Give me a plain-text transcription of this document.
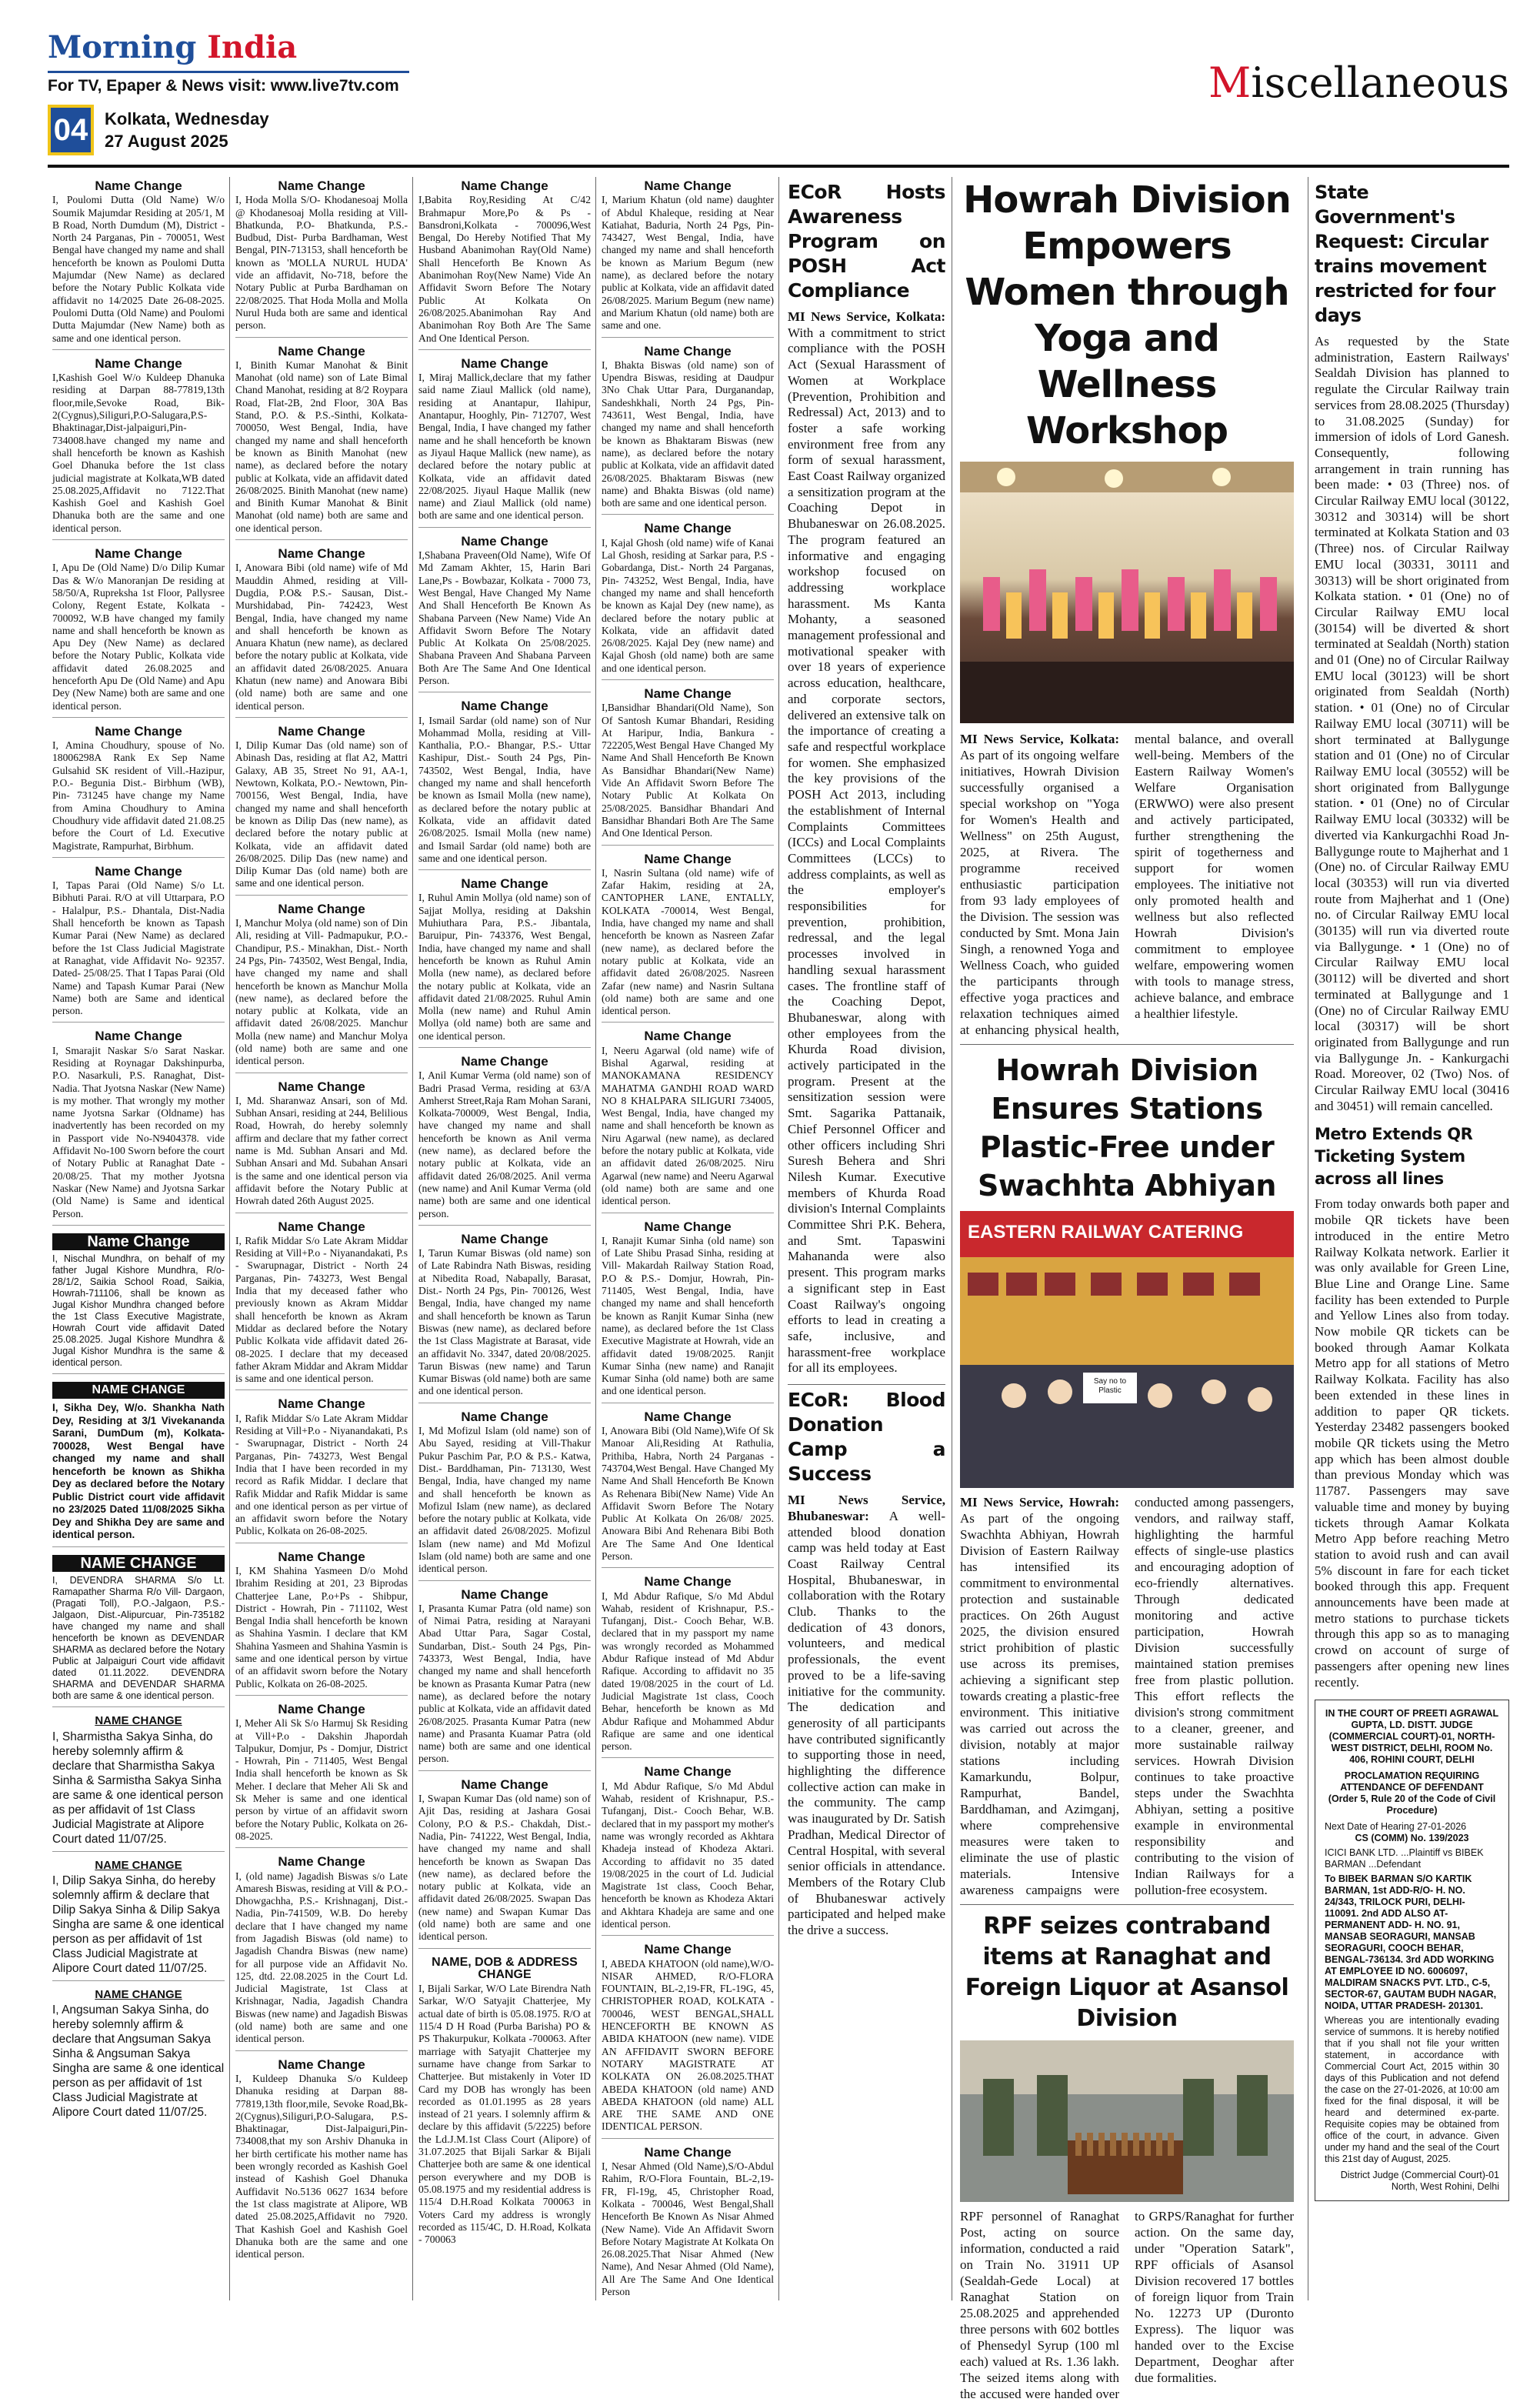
Morning India
For TV, Epaper & News visit: www.live7tv.com
04 Kolkata, Wednesday
27 August 2025
Miscellaneous
Name Change
I, Poulomi Dutta (Old Name) W/o Soumik Majumdar Residing at 205/1, M B Road, North Dumdum (M), District - North 24 Parganas, Pin - 700051, West Bengal have changed my name and shall henceforth be known as Poulomi Dutta Majumdar (New Name) as declared before the Notary Public Kolkata vide affidavit no 14/2025 Date 26-08-2025. Poulomi Dutta (Old Name) and Poulomi Dutta Majumdar (New Name) both as same and one identical person.
Name Change
I,Kashish Goel W/o Kuldeep Dhanuka residing at Darpan 88-77819,13th floor,mile,Sevoke Road, Bik-2(Cygnus),Siliguri,P.O-Salugara,P.S-Bhaktinagar,Dist-jalpaiguri,Pin-734008.have changed my name and shall henceforth be known as Kashish Goel Dhanuka before the 1st class judicial magistrate at Kolkata,WB dated 25.08.2025,Affidavit no 7122.That Kashish Goel and Kashish Goel Dhanuka both are the same and one identical person.
Name Change
I, Apu De (Old Name) D/o Dilip Kumar Das & W/o Manoranjan De residing at 58/50/A, Rupreksha 1st Floor, Pallysree Colony, Regent Estate, Kolkata - 700092, W.B have changed my family name and shall henceforth be known as Apu Dey (New Name) as declared before the Notary Public, Kolkata vide affidavit dated 26.08.2025 and henceforth Apu De (Old Name) and Apu Dey (New Name) both are same and one identical person.
Name Change
I, Amina Choudhury, spouse of No. 18006298A Rank Ex Sep Name Gulsahid SK resident of Vill.-Hazipur, P.O.- Begunia Dist.- Birbhum (WB), Pin- 731245 have change my Name from Amina Choudhury to Amina Choudhury vide affidavit dated 21.08.25 before the Court of Ld. Executive Magistrate, Rampurhat, Birbhum.
Name Change
I, Tapas Parai (Old Name) S/o Lt. Bibhuti Parai. R/O at vill Uttarpara, P.O - Halalpur, P.S.- Dhantala, Dist-Nadia Shall henceforth be known as Tapash Kumar Parai (New Name) as declared before the 1st Class Judicial Magistrate at Ranaghat, vide Affidavit No- 92357. Dated- 25/08/25. That I Tapas Parai (Old Name) and Tapash Kumar Parai (New Name) both are Same and identical person.
Name Change
I, Smarajit Naskar S/o Sarat Naskar. Residing at Roynagar Dakshinpurba, P.O. Nasarkuli, P.S. Ranaghat, Dist- Nadia. That Jyotsna Naskar (New Name) is my mother. That wrongly my mother name Jyotsna Sarkar (Oldname) has inadvertently has been recorded on my in Passport vide No-N9404378. vide Affidavit No-100 Sworn before the court of Notary Public at Ranaghat Date - 20/08/25. That my mother Jyotsna Naskar (New Name) and Jyotsna Sarkar (Old Name) is Same and identical Person.
Name Change
I, Nischal Mundhra, on behalf of my father Jugal Kishore Mundhra, R/o- 28/1/2, Saikia School Road, Saikia, Howrah-711106, shall be known as Jugal Kishor Mundhra changed before the 1st Class Executive Magistrate, Howrah Court vide affidavit Dated 25.08.2025. Jugal Kishore Mundhra & Jugal Kishor Mundhra is the same & identical person.
NAME CHANGE
I, Sikha Dey, W/o. Shankha Nath Dey, Residing at 3/1 Vivekananda Sarani, DumDum (m), Kolkata- 700028, West Bengal have changed my name and shall henceforth be known as Shikha Dey as declared before the Notary Public District court vide affidavit no 23/2025 Dated 11/08/2025 Sikha Dey and Shikha Dey are same and identical person.
NAME CHANGE
I, DEVENDRA SHARMA S/o Lt. Ramapather Sharma R/o Vill- Dargaon, (Pragati Toll), P.O.-Jalgaon, P.S.-Jalgaon, Dist.-Alipurcuar, Pin-735182 have changed my name and shall henceforth be known as DEVENDAR SHARMA as declared before the Notary Public at Jalpaiguri Court vide affidavit dated 01.11.2022. DEVENDRA SHARMA and DEVENDAR SHARMA both are same & one identical person.
NAME CHANGE
I, Sharmistha Sakya Sinha, do hereby solemnly affirm & declare that Sharmistha Sakya Sinha & Sarmistha Sakya Sinha are same & one identical person as per affidavit of 1st Class Judicial Magistrate at Alipore Court dated 11/07/25.
NAME CHANGE
I, Dilip Sakya Sinha, do hereby solemnly affirm & declare that Dilip Sakya Sinha & Dilip Sakya Singha are same & one identical person as per affidavit of 1st Class Judicial Magistrate at Alipore Court dated 11/07/25.
NAME CHANGE
I, Angsuman Sakya Sinha, do hereby solemnly affirm & declare that Angsuman Sakya Sinha & Angsuman Sakya Singha are same & one identical person as per affidavit of 1st Class Judicial Magistrate at Alipore Court dated 11/07/25.
Name Change
I, Hoda Molla S/O- Khodanesoaj Molla @ Khodanesoaj Molla residing at Vill- Bhatkunda, P.O- Bhatkunda, P.S.-Budbud, Dist- Purba Bardhaman, West Bengal, PIN-713153, shall henceforth be known as 'MOLLA NURUL HUDA' vide an affidavit, No-718, before the Notary Public at Purba Bardhaman on 22/08/2025. That Hoda Molla and Molla Nurul Huda both are same and identical person.
Name Change
I, Binith Kumar Manohat & Binit Manohat (old name) son of Late Bimal Chand Manohat, residing at 8/2 Roypara Road, Flat-2B, 2nd Floor, 30A Bas Stand, P.O. & P.S.-Sinthi, Kolkata- 700050, West Bengal, India, have changed my name and shall henceforth be known as Binith Manohat (new name), as declared before the notary public at Kolkata, vide an affidavit dated 26/08/2025. Binith Manohat (new name) and Binith Kumar Manohat & Binit Manohat (old name) both are same and one identical person.
Name Change
I, Anowara Bibi (old name) wife of Md Mauddin Ahmed, residing at Vill-Dugdia, P.O& P.S.- Sausan, Dist.- Murshidabad, Pin- 742423, West Bengal, India, have changed my name and shall henceforth be known as Anuara Khatun (new name), as declared before the notary public at Kolkata, vide an affidavit dated 26/08/2025. Anuara Khatun (new name) and Anowara Bibi (old name) both are same and one identical person.
Name Change
I, Dilip Kumar Das (old name) son of Abinash Das, residing at flat A2, Mattri Galaxy, AB 35, Street No 91, AA-1, Newtown, Kolkata, P.O.- Newtown, Pin- 700156, West Bengal, India, have changed my name and shall henceforth be known as Dilip Das (new name), as declared before the notary public at Kolkata, vide an affidavit dated 26/08/2025. Dilip Das (new name) and Dilip Kumar Das (old name) both are same and one identical person.
Name Change
I, Manchur Molya (old name) son of Din Ali, residing at Vill- Padmapukur, P.O.- Chandipur, P.S.- Minakhan, Dist.- North 24 Pgs, Pin- 743502, West Bengal, India, have changed my name and shall henceforth be known as Manchur Molla (new name), as declared before the notary public at Kolkata, vide an affidavit dated 26/08/2025. Manchur Molla (new name) and Manchur Molya (old name) both are same and one identical person.
Name Change
I, Md. Sharanwaz Ansari, son of Md. Subhan Ansari, residing at 244, Belilious Road, Howrah, do hereby solemnly affirm and declare that my father correct name is Md. Subhan Ansari and Md. Subhan Ansari and Md. Subahan Ansari is the same and one identical person via affidavit before the Notary Public at Howrah dated 26th August 2025.
Name Change
I, Rafik Middar S/o Late Akram Middar Residing at Vill+P.o - Niyanandakati, P.s - Swarupnagar, District - North 24 Parganas, Pin- 743273, West Bengal India that my deceased father who previously known as Akram Middar shall henceforth be known as Akram Middar as declared before the Notary Public Kolkata vide affidavit dated 26-08-2025. I declare that my deceased father Akram Middar and Akram Middar is same and one identical person.
Name Change
I, Rafik Middar S/o Late Akram Middar Residing at Vill+P.o - Niyanandakati, P.s - Swarupnagar, District - North 24 Parganas, Pin- 743273, West Bengal India that I have been recorded in my record as Rafik Middar. I declare that Rafik Middar and Rafik Middar is same and one identical person as per virtue of an affidavit sworn before the Notary Public, Kolkata on 26-08-2025.
Name Change
I, KM Shahina Yasmeen D/o Mohd Ibrahim Residing at 201, 23 Biprodas Chatterjee Lane, P.o+Ps - Shibpur, District - Howrah, Pin - 711102, West Bengal India shall henceforth be known as Shahina Yasmin. I declare that KM Shahina Yasmeen and Shahina Yasmin is same and one identical person by virtue of an affidavit sworn before the Notary Public, Kolkata on 26-08-2025.
Name Change
I, Meher Ali Sk S/o Harmuj Sk Residing at Vill+P.o - Dakshin Jhapordah Talpukur, Domjur, Ps - Domjur, District - Howrah, Pin - 711405, West Bengal India shall henceforth be known as Sk Meher. I declare that Meher Ali Sk and Sk Meher is same and one identical person by virtue of an affidavit sworn before the Notary Public, Kolkata on 26-08-2025.
Name Change
I, (old name) Jagadish Biswas s/o Late Amaresh Biswas, residing at Vill & P.O.- Dhowgachha, P.S.- Krishnaganj, Dist.- Nadia, Pin-741509, W.B. Do hereby declare that I have changed my name from Jagadish Biswas (old name) to Jagadish Chandra Biswas (new name) for all purpose vide an Affidavit No. 125, dtd. 22.08.2025 in the Court Ld. Judicial Magistrate, 1st Class at Krishnagar, Nadia, Jagadish Chandra Biswas (new name) and Jagadish Biswas (old name) both are same and one identical person.
Name Change
I, Kuldeep Dhanuka S/o Kuldeep Dhanuka residing at Darpan 88-77819,13th floor,mile, Sevoke Road,Bk-2(Cygnus),Siliguri,P.O-Salugara, P.S- Bhaktinagar, Dist-Jalpaiguri,Pin-734008,that my son Arshiv Dhanuka in her birth certificate his mother name has been wrongly recorded as Kashish Goel instead of Kashish Goel Dhanuka Auffidavit No.5136 0627 1634 before the 1st class magistrate at Alipore, WB dated 25.08.2025,Affidavit no 7920. That Kashish Goel and Kashish Goel Dhanuka both are the same and one identical person.
Name Change
I,Babita Roy,Residing At C/42 Brahmapur More,Po & Ps - Bansdroni,Kolkata - 700096,West Bengal, Do Hereby Notified That My Husband Abanimohan Ray(Old Name) Shall Henceforth Be Known As Abanimohan Roy(New Name) Vide An Affidavit Sworn Before The Notary Public At Kolkata On 26/08/2025.Abanimohan Ray And Abanimohan Roy Both Are The Same And One Identical Person.
Name Change
I, Miraj Mallick,declare that my father said name Ziaul Mallick (old name), residing at Anantapur, Ilahipur, Anantapur, Hooghly, Pin- 712707, West Bengal, India, I have changed my father name and he shall henceforth be known as Jiyaul Haque Mallick (new name), as declared before the notary public at Kolkata, vide an affidavit dated 22/08/2025. Jiyaul Haque Mallik (new name) and Ziaul Mallick (old name) both are same and one identical person.
Name Change
I,Shabana Praveen(Old Name), Wife Of Md Zamam Akhter, 15, Harin Bari Lane,Ps - Bowbazar, Kolkata - 7000 73, West Bengal, Have Changed My Name And Shall Henceforth Be Known As Shabana Parveen (New Name) Vide An Affidavit Sworn Before The Notary Public At Kolkata On 25/08/2025. Shabana Praveen And Shabana Parveen Both Are The Same And One Identical Person.
Name Change
I, Ismail Sardar (old name) son of Nur Mohammad Molla, residing at Vill- Kanthalia, P.O.- Bhangar, P.S.- Uttar Kashipur, Dist.- South 24 Pgs, Pin- 743502, West Bengal, India, have changed my name and shall henceforth be known as Ismail Molla (new name), as declared before the notary public at Kolkata, vide an affidavit dated 26/08/2025. Ismail Molla (new name) and Ismail Sardar (old name) both are same and one identical person.
Name Change
I, Ruhul Amin Mollya (old name) son of Sajjat Mollya, residing at Dakshin Muhiuthara Para, P.S.- Jibantala, Baruipur, Pin- 743376, West Bengal, India, have changed my name and shall henceforth be known as Ruhul Amin Molla (new name), as declared before the notary public at Kolkata, vide an affidavit dated 21/08/2025. Ruhul Amin Molla (new name) and Ruhul Amin Mollya (old name) both are same and one identical person.
Name Change
I, Anil Kumar Verma (old name) son of Badri Prasad Verma, residing at 63/A Amherst Street,Raja Ram Mohan Sarani, Kolkata-700009, West Bengal, India, have changed my name and shall henceforth be known as Anil verma (new name), as declared before the notary public at Kolkata, vide an affidavit dated 26/08/2025. Anil verma (new name) and Anil Kumar Verma (old name) both are same and one identical person.
Name Change
I, Tarun Kumar Biswas (old name) son of Late Rabindra Nath Biswas, residing at Nibedita Road, Nabapally, Barasat, Dist.- North 24 Pgs, Pin- 700126, West Bengal, India, have changed my name and shall henceforth be known as Tarun Biswas (new name), as declared before the 1st Class Magistrate at Barasat, vide an affidavit No. 3347, dated 20/08/2025. Tarun Biswas (new name) and Tarun Kumar Biswas (old name) both are same and one identical person.
Name Change
I, Md Mofizul Islam (old name) son of Abu Sayed, residing at Vill-Thakur Pukur Paschim Par, P.O & P.S.- Katwa, Dist.- Barddhaman, Pin- 713130, West Bengal, India, have changed my name and shall henceforth be known as Mofizul Islam (new name), as declared before the notary public at Kolkata, vide an affidavit dated 26/08/2025. Mofizul Islam (new name) and Md Mofizul Islam (old name) both are same and one identical person.
Name Change
I, Prasanta Kumar Patra (old name) son of Nimai Patra, residing at Narayani Abad Uttar Para, Sagar Costal, Sundarban, Dist.- South 24 Pgs, Pin- 743373, West Bengal, India, have changed my name and shall henceforth be known as Prasanta Kumar Patra (new name), as declared before the notary public at Kolkata, vide an affidavit dated 26/08/2025. Prasanta Kumar Patra (new name) and Prasanta Kuamar Patra (old name) both are same and one identical person.
Name Change
I, Swapan Kumar Das (old name) son of Ajit Das, residing at Jashara Gosai Colony, P.O & P.S.- Chakdah, Dist.- Nadia, Pin- 741222, West Bengal, India, have changed my name and shall henceforth be known as Swapan Das (new name), as declared before the notary public at Kolkata, vide an affidavit dated 26/08/2025. Swapan Das (new name) and Swapan Kumar Das (old name) both are same and one identical person.
NAME, DOB & ADDRESS CHANGE
I, Bijali Sarkar, W/O Late Birendra Nath Sarkar, W/O Satyajit Chatterjee, My actual date of birth is 05.08.1975. R/O at 115/4 D H Road (Purba Barisha) PO & PS Thakurpukur, Kolkata -700063. After marriage with Satyajit Chatterjee my surname have change from Sarkar to Chatterjee. But mistakenly in Voter ID Card my DOB has wrongly has been recorded as 01.01.1995 as 28 years instead of 21 years. I solemnly affirm & declare by this affidavit (5/2225) before the Ld.J.M.1st Class Court (Alipore) of 31.07.2025 that Bijali Sarkar & Bijali Chatterjee both are same & one identical person everywhere and my DOB is 05.08.1975 and my residential address is 115/4 D.H.Road Kolkata 700063 in Voters Card my address is wrongly recorded as 115/4C, D. H.Road, Kolkata - 700063
Name Change
I, Marium Khatun (old name) daughter of Abdul Khaleque, residing at Near Katiahat, Baduria, North 24 Pgs, Pin-743427, West Bengal, India, have changed my name and shall henceforth be known as Marium Begum (new name), as declared before the notary public at Kolkata, vide an affidavit dated 26/08/2025. Marium Begum (new name) and Marium Khatun (old name) both are same and one.
Name Change
I, Bhakta Biswas (old name) son of Upendra Biswas, residing at Daudpur 3No Chak Uttar Para, Durganandap, Sandeshkhali, North 24 Pgs, Pin- 743611, West Bengal, India, have changed my name and shall henceforth be known as Bhaktaram Biswas (new name), as declared before the notary public at Kolkata, vide an affidavit dated 26/08/2025. Bhaktaram Biswas (new name) and Bhakta Biswas (old name) both are same and one identical person.
Name Change
I, Kajal Ghosh (old name) wife of Kanai Lal Ghosh, residing at Sarkar para, P.S - Gobardanga, Dist.- North 24 Parganas, Pin- 743252, West Bengal, India, have changed my name and shall henceforth be known as Kajal Dey (new name), as declared before the notary public at Kolkata, vide an affidavit dated 26/08/2025. Kajal Dey (new name) and Kajal Ghosh (old name) both are same and one identical person.
Name Change
I,Bansidhar Bhandari(Old Name), Son Of Santosh Kumar Bhandari, Residing At Haripur, India, Bankura - 722205,West Bengal Have Changed My Name And Shall Henceforth Be Known As Bansidhar Bhandari(New Name) Vide An Affidavit Sworn Before The Notary Public At Kolkata On 25/08/2025. Bansidhar Bhandari And Bansidhar Bhandari Both Are The Same And One Identical Person.
Name Change
I, Nasrin Sultana (old name) wife of Zafar Hakim, residing at 2A, CANTOPHER LANE, ENTALLY, KOLKATA -700014, West Bengal, India, have changed my name and shall henceforth be known as Nasreen Zafar (new name), as declared before the notary public at Kolkata, vide an affidavit dated 26/08/2025. Nasreen Zafar (new name) and Nasrin Sultana (old name) both are same and one identical person.
Name Change
I, Neeru Agarwal (old name) wife of Bishal Agarwal, residing at MANOKAMANA RESIDENCY MAHATMA GANDHI ROAD WARD NO 8 KHALPARA SILIGURI 734005, West Bengal, India, have changed my name and shall henceforth be known as Niru Agarwal (new name), as declared before the notary public at Kolkata, vide an affidavit dated 26/08/2025. Niru Agarwal (new name) and Neeru Agarwal (old name) both are same and one identical person.
Name Change
I, Ranajit Kumar Sinha (old name) son of Late Shibu Prasad Sinha, residing at Vill- Makardah Railway Station Road, P.O & P.S.- Domjur, Howrah, Pin- 711405, West Bengal, India, have changed my name and shall henceforth be known as Ranjit Kumar Sinha (new name), as declared before the 1st Class Executive Magistrate at Howrah, vide an affidavit dated 19/08/2025. Ranjit Kumar Sinha (new name) and Ranajit Kumar Sinha (old name) both are same and one identical person.
Name Change
I, Anowara Bibi (Old Name),Wife Of Sk Manoar Ali,Residing At Rathulia, Prithiba, Habra, North 24 Parganas - 743704,West Bengal. Have Changed My Name And Shall Henceforth Be Known As Rehenara Bibi(New Name) Vide An Affidavit Sworn Before The Notary Public At Kolkata On 26/08/ 2025. Anowara Bibi And Rehenara Bibi Both Are The Same And One Identical Person.
Name Change
I, Md Abdur Rafique, S/o Md Abdul Wahab, resident of Krishnapur, P.S.- Tufanganj, Dist.- Cooch Behar, W.B. declared that in my passport my name was wrongly recorded as Mohammed Abdur Rafique instead of Md Abdur Rafique. According to affidavit no 35 dated 19/08/2025 in the court of Ld. Judicial Magistrate 1st class, Cooch Behar, henceforth be known as Md Abdur Rafique and Mohammed Abdur Rafique are same and one identical person.
Name Change
I, Md Abdur Rafique, S/o Md Abdul Wahab, resident of Krishnapur, P.S.- Tufanganj, Dist.- Cooch Behar, W.B. declared that in my passport my mother's name was wrongly recorded as Akhtara Khadeja instead of Khodeza Aktari. According to affidavit no 35 dated 19/08/2025 in the court of Ld. Judicial Magistrate 1st class, Cooch Behar, henceforth be known as Khodeza Aktari and Akhtara Khadeja are same and one identical person.
Name Change
I, ABEDA KHATOON (old name),W/O-NISAR AHMED, R/O-FLORA FOUNTAIN, BL-2,19-FR, FL-19G, 45, CHRISTOPHER ROAD, KOLKATA - 700046, WEST BENGAL,SHALL HENCEFORTH BE KNOWN AS ABIDA KHATOON (new name). VIDE AN AFFIDAVIT SWORN BEFORE NOTARY MAGISTRATE AT KOLKATA ON 26.08.2025.THAT ABEDA KHATOON (old name) AND ABEDA KHATOON (old name) ALL ARE THE SAME AND ONE IDENTICAL PERSON.
Name Change
I, Nesar Ahmed (Old Name),S/O-Abdul Rahim, R/O-Flora Fountain, BL-2,19-FR, Fl-19g, 45, Christopher Road, Kolkata - 700046, West Bengal,Shall Henceforth Be Known As Nisar Ahmed (New Name). Vide An Affidavit Sworn Before Notary Magistrate At Kolkata On 26.08.2025.That Nisar Ahmed (New Name), And Nesar Ahmed (Old Name), All Are The Same And One Identical Person
ECoR Hosts Awareness Program on POSH Act Compliance
MI News Service, Kolkata: With a commitment to strict compliance with the POSH Act (Sexual Harassment of Women at Workplace (Prevention, Prohibition and Redressal) Act, 2013) and to foster a safe working environment free from any form of sexual harassment, East Coast Railway organized a sensitization program at the Coaching Depot in Bhubaneswar on 26.08.2025. The program featured an informative and engaging workshop focused on addressing workplace harassment. Ms Kanta Mohanty, a seasoned management professional and motivational speaker with over 18 years of experience across education, healthcare, and corporate sectors, delivered an extensive talk on the importance of creating a safe and respectful workplace for women. She emphasized the key provisions of the POSH Act 2013, including the establishment of Internal Complaints Committees (ICCs) and Local Complaints Committees (LCCs) to address complaints, as well as the employer's responsibilities for prevention, prohibition, redressal, and the legal processes involved in handling sexual harassment cases. The frontline staff of the Coaching Depot, Bhubaneswar, along with other employees from the Khurda Road division, actively participated in the program. Present at the sensitization session were Smt. Sagarika Pattanaik, Chief Personnel Officer and other officers including Shri Suresh Behera and Shri Nilesh Kumar. Executive members of Khurda Road division's Internal Complaints Committee Shri P.K. Behera, and Smt. Tapaswini Mahananda were also present. This program marks a significant step in East Coast Railway's ongoing efforts to lead in creating a safe, inclusive, and harassment-free workplace for all its employees.
ECoR: Blood Donation Camp a Success
MI News Service, Bhubaneswar: A well-attended blood donation camp was held today at East Coast Railway Central Hospital, Bhubaneswar, in collaboration with the Rotary Club. Thanks to the dedication of 43 donors, volunteers, and medical professionals, the event proved to be a life-saving initiative for the community. The dedication and generosity of all participants have contributed significantly to supporting those in need, highlighting the difference collective action can make in the community. The camp was inaugurated by Dr. Satish Pradhan, Medical Director of Central Hospital, with several senior officials in attendance. Members of the Rotary Club of Bhubaneswar actively participated and helped make the drive a success.
Howrah Division Empowers Women through Yoga and Wellness Workshop
MI News Service, Kolkata: As part of its ongoing welfare initiatives, Howrah Division successfully organised a special workshop on "Yoga for Women's Health and Wellness" on 25th August, 2025, at Rivera. The programme received enthusiastic participation from 93 lady employees of the Division. The session was conducted by Smt. Mona Jain Singh, a renowned Yoga and Wellness Coach, who guided the participants through effective yoga practices and relaxation techniques aimed at enhancing physical health, mental balance, and overall well-being. Members of the Eastern Railway Women's Welfare Organisation (ERWWO) were also present and actively participated, further strengthening the spirit of togetherness and support for women employees. The initiative not only promoted health and wellness but also reflected Howrah Division's commitment to employee welfare, empowering women with tools to manage stress, achieve balance, and embrace a healthier lifestyle.
Howrah Division Ensures Stations Plastic-Free under Swachhta Abhiyan
EASTERN RAILWAY CATERING
Say no to Plastic
MI News Service, Howrah: As part of the ongoing Swachhta Abhiyan, Howrah Division of Eastern Railway has intensified its commitment to environmental protection and sustainable practices. On 26th August 2025, the division ensured strict prohibition of plastic use across its premises, achieving a significant step towards creating a plastic-free environment. This initiative was carried out across the division, notably at major stations including Kamarkundu, Bolpur, Rampurhat, Bandel, Barddhaman, and Azimganj, where comprehensive measures were taken to eliminate the use of plastic materials. Intensive awareness campaigns were conducted among passengers, vendors, and railway staff, highlighting the harmful effects of single-use plastics and encouraging adoption of eco-friendly alternatives. Through dedicated monitoring and active participation, Howrah Division successfully maintained station premises free from plastic pollution. This effort reflects the division's strong commitment to a cleaner, greener, and more sustainable railway services. Howrah Division continues to take proactive steps under the Swachhta Abhiyan, setting a positive example in environmental responsibility and contributing to the vision of Indian Railways for a pollution-free ecosystem.
RPF seizes contraband items at Ranaghat and Foreign Liquor at Asansol Division
RPF personnel of Ranaghat Post, acting on source information, conducted a raid on Train No. 31911 UP (Sealdah-Gede Local) at Ranaghat Station on 25.08.2025 and apprehended three persons with 602 bottles of Phensedyl Syrup (100 ml each) valued at Rs. 1.36 lakh. The seized items along with the accused were handed over to GRPS/Ranaghat for further action. On the same day, under "Operation Satark", RPF officials of Asansol Division recovered 17 bottles of foreign liquor from Train No. 12273 UP (Duronto Express). The liquor was handed over to the Excise Department, Deoghar after due formalities.
State Government's Request: Circular trains movement restricted for four days
As requested by the State administration, Eastern Railways' Sealdah Division has planned to regulate the Circular Railway train services from 28.08.2025 (Thursday) to 31.08.2025 (Sunday) for immersion of idols of Lord Ganesh. Consequently, following arrangement in train running has been made: • 03 (Three) nos. of Circular Railway EMU local (30122, 30312 and 30314) will be short terminated at Kolkata Station and 03 (Three) nos. of Circular Railway EMU local (30331, 30111 and 30313) will be short originated from Kolkata station. • 01 (One) no of Circular Railway EMU local (30154) will be diverted & short terminated at Sealdah (North) station and 01 (One) no of Circular Railway EMU local (30123) will be short originated from Sealdah (North) station. • 01 (One) no of Circular Railway EMU local (30711) will be short terminated at Ballygunge station and 01 (One) no of Circular Railway EMU local (30552) will be short originated from Ballygunge station. • 01 (One) no of Circular Railway EMU local (30332) will be diverted via Kankurgachhi Road Jn-Ballygunge route to Majherhat and 1 (One) no. of Circular Railway EMU local (30353) will run via diverted route from Majherhat and 1 (One) no. of Circular Railway EMU local (30135) will run via diverted route via Ballygunge. • 1 (One) no of Circular Railway EMU local (30112) will be diverted and short terminated at Ballygunge and 1 (One) no of Circular Railway EMU local (30317) will be short originated from Ballygunge and run via Ballygunge Jn. - Kankurgachi Road. Moreover, 02 (Two) Nos. of Circular Railway EMU local (30416 and 30451) will remain cancelled.
Metro Extends QR Ticketing System across all lines
From today onwards both paper and mobile QR tickets have been introduced in the entire Metro Railway Kolkata network. Earlier it was only available for Green Line, Blue Line and Orange Line. Same facility has been extended to Purple and Yellow Lines also from today. Now mobile QR tickets can be booked through Aamar Kolkata Metro app for all stations of Metro Railway Kolkata. Facility has also been extended in these lines in addition to paper QR tickets. Yesterday 23482 passengers booked mobile QR tickets using the Metro app which has been almost double than previous Monday which was 11787. Passengers may save valuable time and money by buying tickets through Aamar Kolkata Metro App before reaching Metro station to avoid rush and can avail 5% discount in fare for each ticket booked through this app. Frequent announcements have been made at metro stations to purchase tickets through this app so as to managing crowd on account of surge of passengers after opening new lines recently.
IN THE COURT OF PREETI AGRAWAL GUPTA, LD. DISTT. JUDGE (COMMERCIAL COURT)-01, NORTH-WEST DISTRICT, DELHI, ROOM No. 406, ROHINI COURT, DELHI
PROCLAMATION REQUIRING ATTENDANCE OF DEFENDANT (Order 5, Rule 20 of the Code of Civil Procedure)
Next Date of Hearing 27-01-2026
CS (COMM) No. 139/2023
ICICI BANK LTD. ...Plaintiff vs BIBEK BARMAN ...Defendant
To BIBEK BARMAN S/O KARTIK BARMAN, 1st ADD-R/O- H. NO. 24/343, TRILOCK PURI, DELHI- 110091. 2nd ADD ALSO AT- PERMANENT ADD- H. NO. 91, MANSAB SEORAGURI, MANSAB SEORAGURI, COOCH BEHAR, BENGAL-736134. 3rd ADD WORKING AT EMPLOYEE ID NO. 6006097, MALDIRAM SNACKS PVT. LTD., C-5, SECTOR-67, GAUTAM BUDH NAGAR, NOIDA, UTTAR PRADESH- 201301.
Whereas you are intentionally evading service of summons. It is hereby notified that if you shall not file your written statement, in accordance with Commercial Court Act, 2015 within 30 days of this Publication and not defend the case on the 27-01-2026, at 10:00 am fixed for the final disposal, it will be heard and determined ex-parte. Requisite copies may be obtained from office of the court, in advance. Given under my hand and the seal of the Court this 21st day of August, 2025.
District Judge (Commercial Court)-01 North, West Rohini, Delhi
